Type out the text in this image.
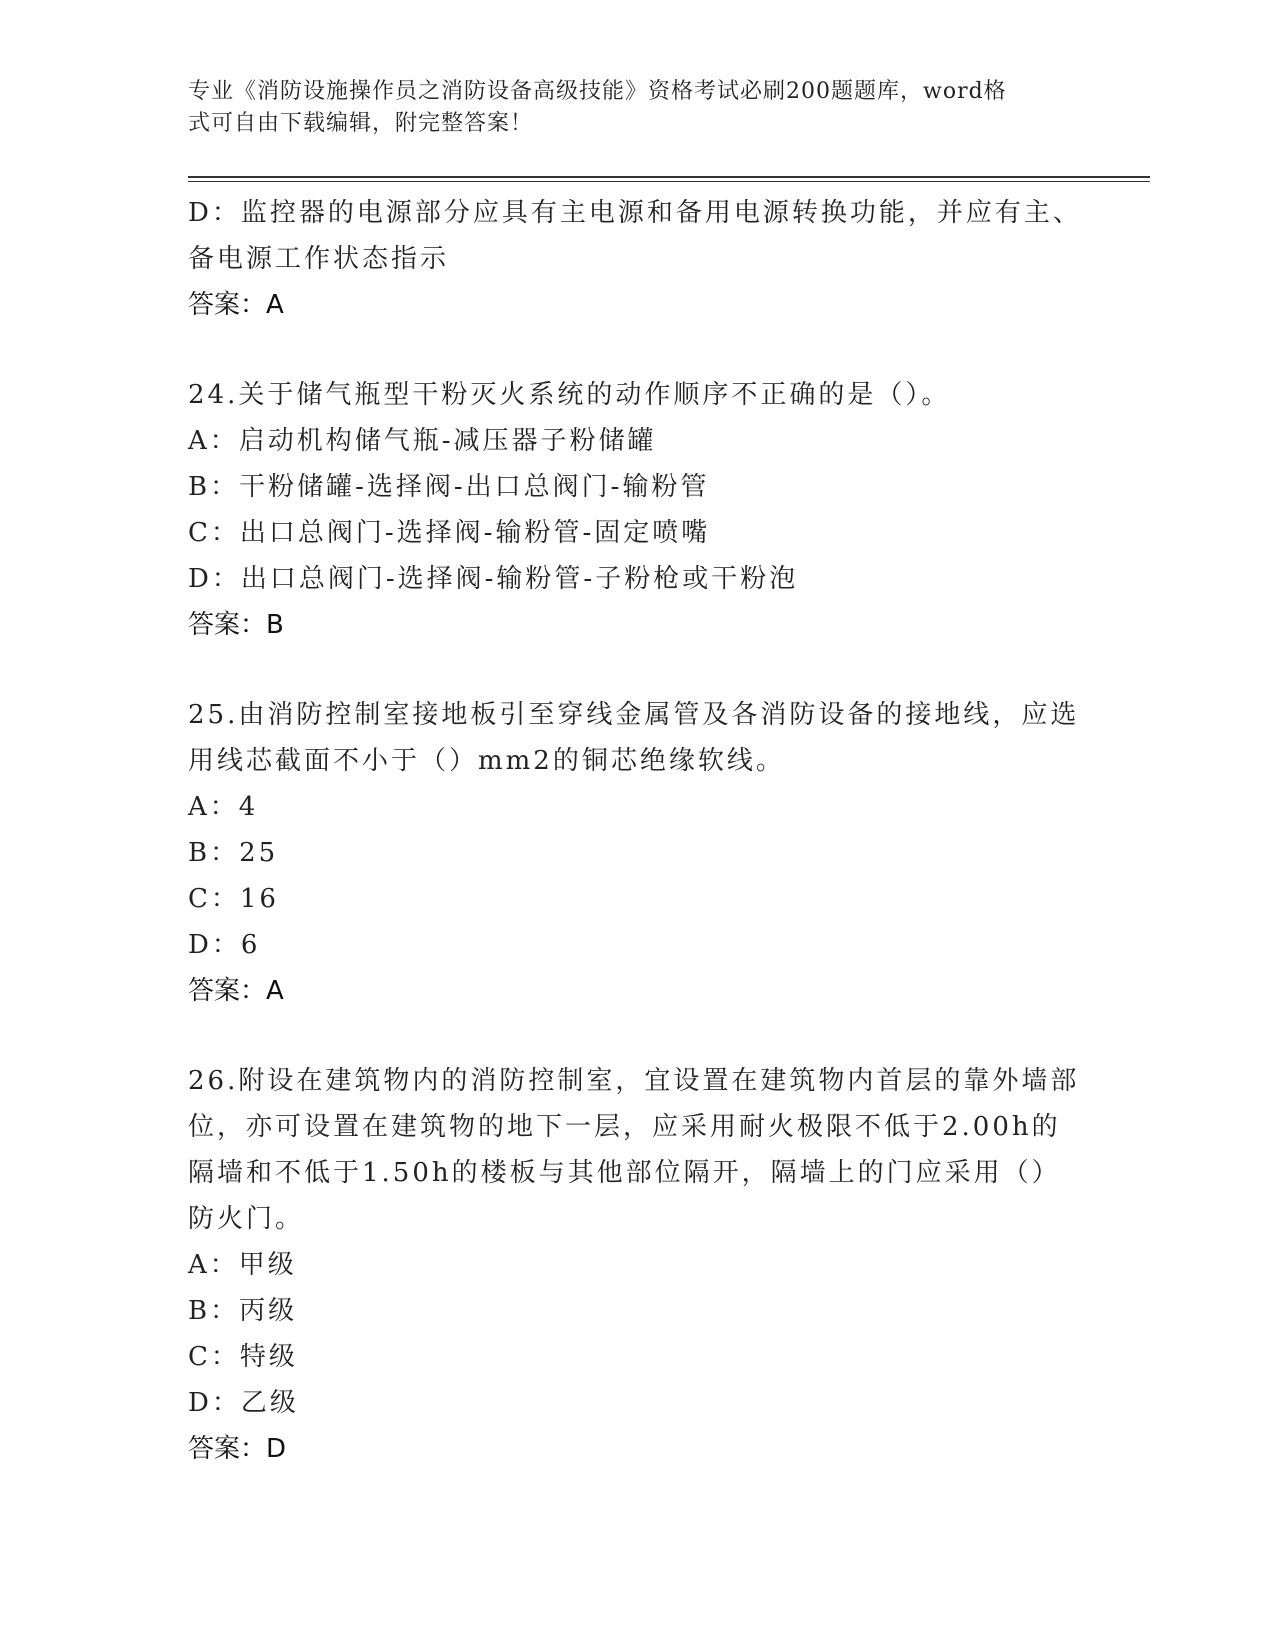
专业《消防设施操作员之消防设备高级技能》资格考试必刷200题题库，word格
式可自由下载编辑，附完整答案！
D：监控器的电源部分应具有主电源和备用电源转换功能，并应有主、
备电源工作状态指示
答案：A
24.关于储气瓶型干粉灭火系统的动作顺序不正确的是（）。
A：启动机构储气瓶-减压器子粉储罐
B：干粉储罐-选择阀-出口总阀门-输粉管
C：出口总阀门-选择阀-输粉管-固定喷嘴
D：出口总阀门-选择阀-输粉管-子粉枪或干粉泡
答案：B
25.由消防控制室接地板引至穿线金属管及各消防设备的接地线，应选
用线芯截面不小于（）mm2的铜芯绝缘软线。
A：4
B：25
C：16
D：6
答案：A
26.附设在建筑物内的消防控制室，宜设置在建筑物内首层的靠外墙部
位，亦可设置在建筑物的地下一层，应采用耐火极限不低于2.00h的
隔墙和不低于1.50h的楼板与其他部位隔开，隔墙上的门应采用（）
防火门。
A：甲级
B：丙级
C：特级
D：乙级
答案：D
